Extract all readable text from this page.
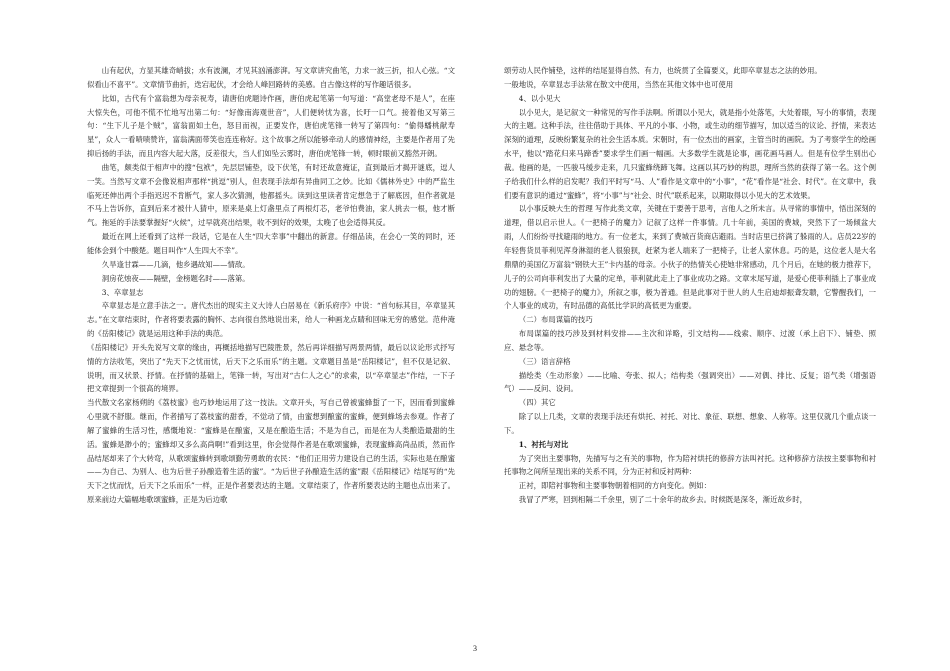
山有起伏，方显其雄奇峭拔；水有波澜，才见其汹涌澎湃。写文章讲究曲笔，力求一波三折，扣人心弦。“文似看山不喜平”。文章情节曲折，迭宕起伏，才会给人峰回路转的美感。自古像这样的写作趣话很多。

比如，古代有个富翁想为母亲祝寿，请唐伯虎题诗作画，唐伯虎起笔第一句写道：“高堂老母不是人”，在座大惊失色，可他不慌不忙地写出第二句：“好像南海观世音”，人们便转忧为喜，长吁一口气。接着他又写第三句：“生下儿子是个贼”，富翁面如土色，怒目而视，正要发作，唐伯虎笔锋一转写了第四句：“偷得蟠桃献寿星”，众人一看啧啧赞许，富翁满面带笑也连连称好。这个故事之所以能够牵动人的感情神经，主要是作者用了先抑后扬的手法，而且内容大起大落，反差很大，当人们如坠云雾时，唐伯虎笔锋一转，顿时眼前又豁然开朗。

曲笔，颇类似于相声中的搜“包袱”，先层层铺垫，设下伏笔，有时还故意掩证，直到最后才揭开谜底，逗人一笑。当然写文章不会像说相声那样“挑逗”别人，但表现手法却有异曲同工之妙。比如《儒林外史》中的严监生临死还伸出两个手指迟迟不肯断气，家人多次猜测，他都摇头。读到这里读者肯定想急于了解底因，但作者就是不马上告诉你，直到后来才被什人猜中，原来是桌上灯盏里点了两根灯芯，老爷怕费油，家人挑去一根，他才断气。拖延的手法要掌握好“火候”，过早就亮出结果，收不到好的效果，太晚了也会适得其反。

最近在网上还看到了这样一段话，它是在人生“四大幸事”中翻出的新意。仔细品读，在会心一笑的同时，还能体会到个中酸楚。题目叫作“人生四大不幸”。

久旱逢甘霖——几滴，他乡遇故知——情敌。

洞房花烛夜——隔壁，金榜题名时——落第。

3、卒章显志

卒章显志是立意手法之一。唐代杰出的现实主义大诗人白居易在《新乐府序》中说：“首句标其目，卒章显其志。”在文章结束时，作者将要表露的胸怀、志向很自然地说出来，给人一种画龙点睛和回味无穷的感觉。范仲淹的《岳阳楼记》就是运用这种手法的典范。

《岳阳楼记》开头先说写文章的缘由，再概括地描写巴陵胜景，然后再详细描写两景两情，最后以议论形式抒写情的方法收笔，突出了“先天下之忧而忧，后天下之乐而乐”的主题。文章题目虽是“岳阳楼记”，但不仅是记叙、说明，而又状景、抒情。在抒情的基础上，笔锋一转，写出对“古仁人之心”的求索，以“卒章显志”作结，一下子把文章提到一个很高的境界。

当代散文名家杨朔的《荔枝蜜》也巧妙地运用了这一技法。文章开头，写自己曾被蜜蜂蜇了一下，因而看到蜜蜂心里就不舒服。继而，作者描写了荔枝蜜的甜香，不觉动了情，由蜜想到酿蜜的蜜蜂，便到蜂场去参观。作者了解了蜜蜂的生活习性，感慨地说：“蜜蜂是在酿蜜，又是在酿造生活；不是为自己，而是在为人类酿造最甜的生活。蜜蜂是渺小的；蜜蜂却又多么高尚啊!”看到这里，你会觉得作者是在歌颂蜜蜂，表现蜜蜂高尚品质，然而作品结尾却来了个大转弯，从歌颂蜜蜂转到歌颂勤劳勇敢的农民：“他们正用劳力建设自己的生活，实际也是在酿蜜——为自己、为别人、也为后世子孙酿造着生活的蜜”。“为后世子孙酿造生活的蜜”跟《岳阳楼记》结尾写的“先天下之忧而忧，后天下之乐而乐”一样，正是作者要表达的主题。文章结束了，作者所要表达的主题也点出来了。原来前边大篇幅地歌颂蜜蜂，正是为后边歌

颂劳动人民作铺垫，这样的结尾显得自然、有力，也统贯了全篇要义，此即卒章显志之法的妙用。

一般地说，卒章显志手法常在散文中使用，当然在其他文体中也可使用

4、以小见大

以小见大，是记叙文一种常见的写作手法啊。所谓以小见大，就是指小处落笔，大处着眼，写小的事情，表现大的主题。这种手法，往往借助于具体、平凡的小事、小物，或生动的细节描写，加以适当的议论、抒情，来表达深刻的道理，反映纷繁复杂的社会生活本质。宋朝时，有一位杰出的画家，主管当时的画院。为了考察学生的绘画水平，他以“踏花归来马蹄香”要求学生们画一幅画。大多数学生就是论事，画花画马画人。但是有位学生别出心裁。他画的是，一匹骏马缓步走来，几只蜜蜂绕蹄飞舞。这画以其巧妙的构思，理所当然的获得了第一名。这个例子给我们什么样的启发呢？我们平时写“马、人”看作是文章中的“小事”，“花”看作是“社会、时代”。在文章中，我们要有意识的通过“蜜蜂”，将“小事”与“社会、时代”联系起来，以期取得以小见大的艺术效果。

以小事反映大生的哲理 写作此类文章，关键在于要善于思考，言他人之所未言。从寻常的事情中，悟出深刻的道理，借以启示世人。《一把椅子的魔力》记叙了这样一件事情。几十年前，美国的费城，突然下了一场倾盆大雨，人们纷纷寻找避雨的地方。有一位老太，来到了费城百货商店避雨。当时店里已挤满了躲雨的人。店员22岁的年轻售货员菲利见浑身淋湿的老人很狼狈，赶紧为老人端来了一把椅子，让老人家休息。巧的是，这位老人是大名鼎鼎的美国亿万富翁“钢铁大王”卡内基的母亲。小伙子的热情关心使她非常感动，几个月后，在她的极力推荐下，儿子的公司向菲利发出了大量的定单，菲利就此走上了事业成功之路。文章末尾写道，是爱心使菲利插上了事业成功的翅膀。《一把椅子的魔力》，所叙之事，极为普通。但是此事对于世人的人生启迪却振聋发聩，它警醒我们，一个人事业的成功，有时品德的高低比学识的高低更为重要。

（二）布局谋篇的技巧

布局谋篇的技巧涉及到材料安排——主次和详略，引文结构——线索、顺序、过渡（承上启下）、铺垫、照应、悬念等。

（三）语言辞格

描绘类（生动形象）——比喻、夸张、拟人；结构类（强调突出）——对偶、排比、反复；语气类（增强语气）——反问、设问。

（四）其它

除了以上几类，文章的表现手法还有烘托、衬托、对比、象征、联想、想象、人称等。这里仅就几个重点谈一下。

1、衬托与对比

为了突出主要事物，先描写与之有关的事物，作为陪衬烘托的修辞方法叫衬托。这种修辞方法按主要事物和衬托事物之间所呈现出来的关系不同，分为正衬和反衬两种：

正衬，即陪衬事物和主要事物朝着相同的方向变化。例如：

我冒了严寒，回到相隔二千余里，别了二十余年的故乡去。时候既是深冬，渐近故乡时，

3
